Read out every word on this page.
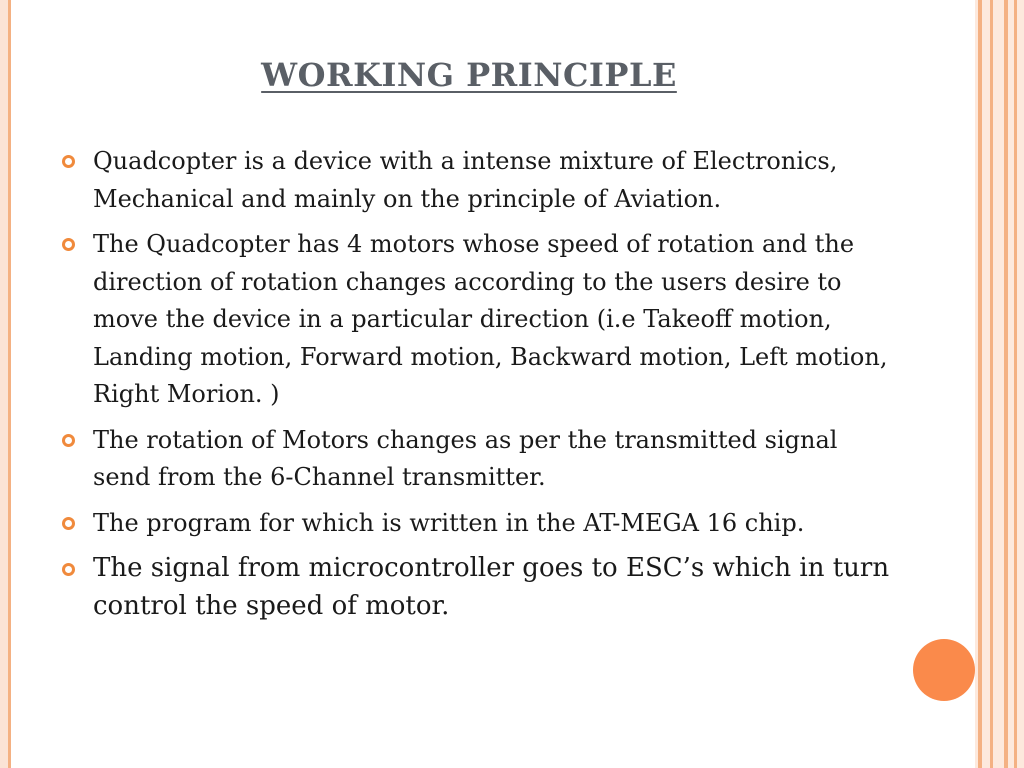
WORKING PRINCIPLE
Quadcopter is a device with a intense mixture of Electronics, Mechanical and mainly on the principle of Aviation.
The Quadcopter has 4 motors whose speed of rotation and the direction of rotation changes according to the users desire to move the device in a particular direction (i.e Takeoff motion, Landing motion, Forward motion, Backward motion, Left motion, Right Morion. )
The rotation of Motors changes as per the transmitted signal send from the 6-Channel transmitter.
The program for which is written in the AT-MEGA 16 chip.
The signal from microcontroller goes to ESC’s which in turn control the speed of motor.
